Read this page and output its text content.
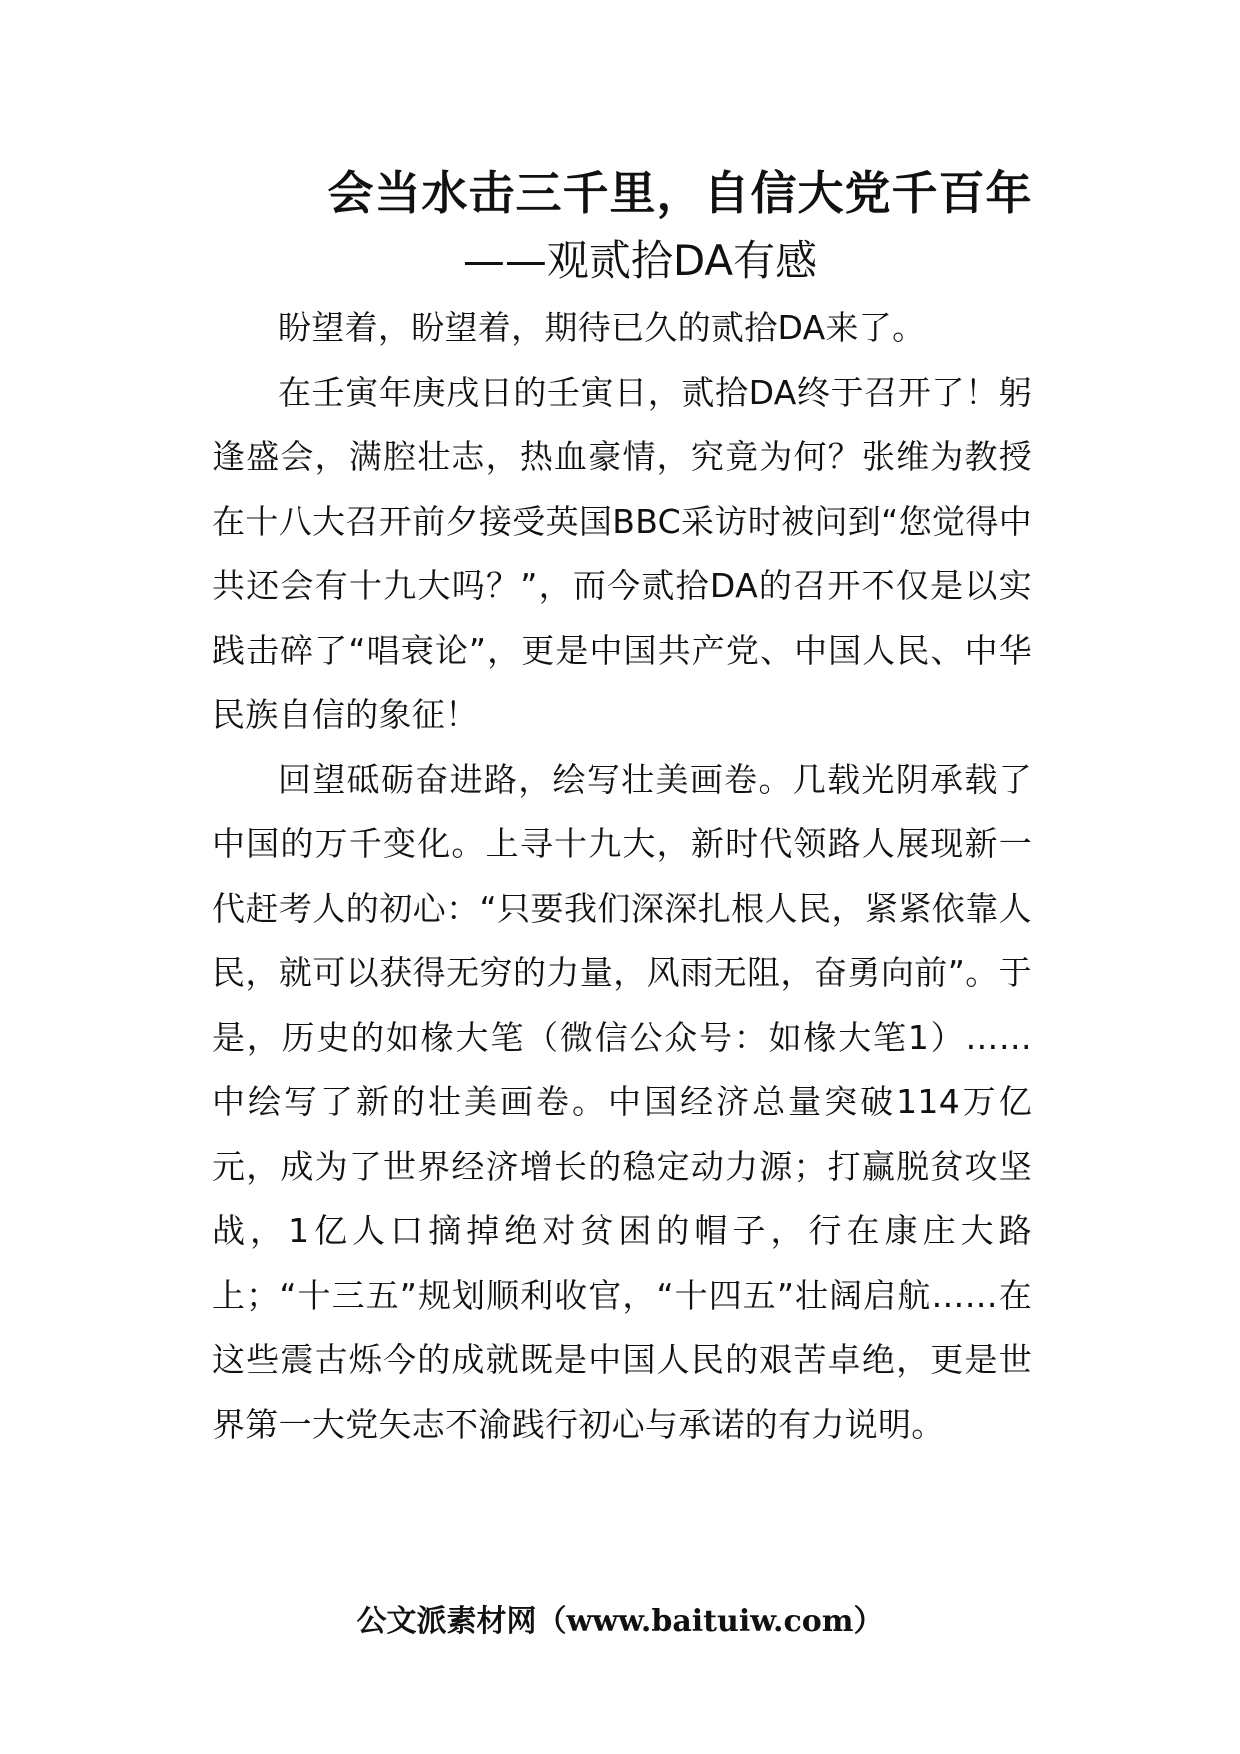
会当水击三千里，自信大党千百年
——观贰拾DA有感

盼望着，盼望着，期待已久的贰拾DA来了。

在壬寅年庚戌日的壬寅日，贰拾DA终于召开了！躬逢盛会，满腔壮志，热血豪情，究竟为何？张维为教授在十八大召开前夕接受英国BBC采访时被问到“您觉得中共还会有十九大吗？”，而今贰拾DA的召开不仅是以实践击碎了“唱衰论”，更是中国共产党、中国人民、中华民族自信的象征！

回望砥砺奋进路，绘写壮美画卷。几载光阴承载了中国的万千变化。上寻十九大，新时代领路人展现新一代赶考人的初心：“只要我们深深扎根人民，紧紧依靠人民，就可以获得无穷的力量，风雨无阻，奋勇向前”。于是，历史的如椽大笔（微信公众号：如椽大笔1）……中绘写了新的壮美画卷。中国经济总量突破114万亿元，成为了世界经济增长的稳定动力源；打赢脱贫攻坚战，1亿人口摘掉绝对贫困的帽子，行在康庄大路上；“十三五”规划顺利收官，“十四五”壮阔启航……在这些震古烁今的成就既是中国人民的艰苦卓绝，更是世界第一大党矢志不渝践行初心与承诺的有力说明。

公文派素材网（www.baituiw.com）
